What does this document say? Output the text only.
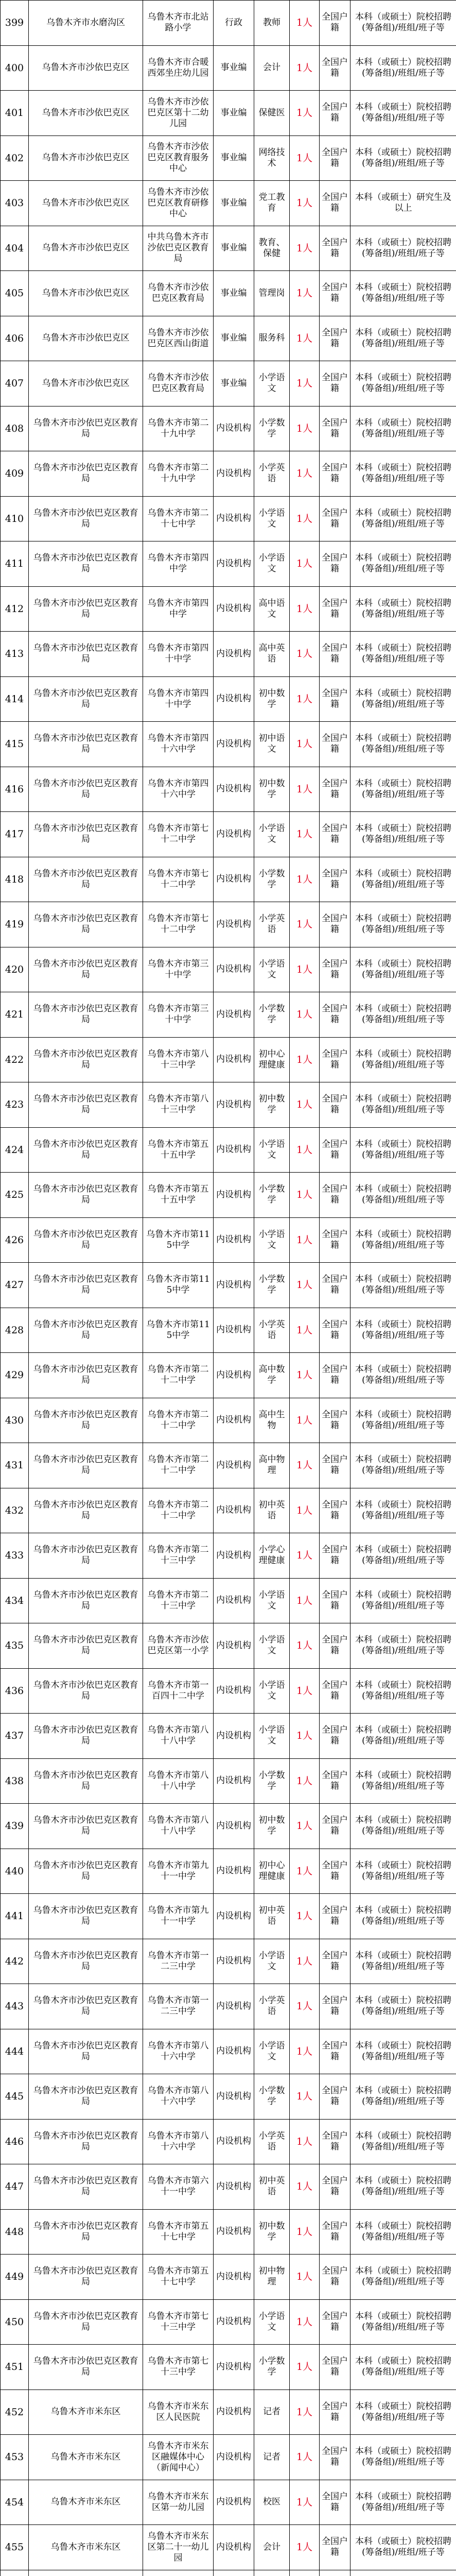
399	乌鲁木齐市水磨沟区	乌鲁木齐市北站路小学	行政	教师	1人	全国户籍	本科（或硕士）院校招聘(筹备组)/班组/班子等
400	乌鲁木齐市沙依巴克区	乌鲁木齐市合暖西郊坐庄幼儿园	事业编	会计	1人	全国户籍	本科（或硕士）院校招聘(筹备组)/班组/班子等
401	乌鲁木齐市沙依巴克区	乌鲁木齐市沙依巴克区第十二幼儿园	事业编	保健医	1人	全国户籍	本科（或硕士）院校招聘(筹备组)/班组/班子等
402	乌鲁木齐市沙依巴克区	乌鲁木齐市沙依巴克区教育服务中心	事业编	网络技术	1人	全国户籍	本科（或硕士）院校招聘(筹备组)/班组/班子等
403	乌鲁木齐市沙依巴克区	乌鲁木齐市沙依巴克区教育研修中心	事业编	党工教育	1人	全国户籍	本科（或硕士）研究生及以上
404	乌鲁木齐市沙依巴克区	中共乌鲁木齐市沙依巴克区教育局	事业编	教育、保健	1人	全国户籍	本科（或硕士）院校招聘(筹备组)/班组/班子等
405	乌鲁木齐市沙依巴克区	乌鲁木齐市沙依巴克区教育局	事业编	管理岗	1人	全国户籍	本科（或硕士）院校招聘(筹备组)/班组/班子等
406	乌鲁木齐市沙依巴克区	乌鲁木齐市沙依巴克区西山街道	事业编	服务科	1人	全国户籍	本科（或硕士）院校招聘(筹备组)/班组/班子等
407	乌鲁木齐市沙依巴克区	乌鲁木齐市沙依巴克区教育局	事业编	小学语文	1人	全国户籍	本科（或硕士）院校招聘(筹备组)/班组/班子等
408	乌鲁木齐市沙依巴克区教育局	乌鲁木齐市第二十九中学	内设机构	小学数学	1人	全国户籍	本科（或硕士）院校招聘(筹备组)/班组/班子等
409	乌鲁木齐市沙依巴克区教育局	乌鲁木齐市第二十九中学	内设机构	小学英语	1人	全国户籍	本科（或硕士）院校招聘(筹备组)/班组/班子等
410	乌鲁木齐市沙依巴克区教育局	乌鲁木齐市第二十七中学	内设机构	小学语文	1人	全国户籍	本科（或硕士）院校招聘(筹备组)/班组/班子等
411	乌鲁木齐市沙依巴克区教育局	乌鲁木齐市第四中学	内设机构	小学语文	1人	全国户籍	本科（或硕士）院校招聘(筹备组)/班组/班子等
412	乌鲁木齐市沙依巴克区教育局	乌鲁木齐市第四中学	内设机构	高中语文	1人	全国户籍	本科（或硕士）院校招聘(筹备组)/班组/班子等
413	乌鲁木齐市沙依巴克区教育局	乌鲁木齐市第四十中学	内设机构	高中英语	1人	全国户籍	本科（或硕士）院校招聘(筹备组)/班组/班子等
414	乌鲁木齐市沙依巴克区教育局	乌鲁木齐市第四十中学	内设机构	初中数学	1人	全国户籍	本科（或硕士）院校招聘(筹备组)/班组/班子等
415	乌鲁木齐市沙依巴克区教育局	乌鲁木齐市第四十六中学	内设机构	初中语文	1人	全国户籍	本科（或硕士）院校招聘(筹备组)/班组/班子等
416	乌鲁木齐市沙依巴克区教育局	乌鲁木齐市第四十六中学	内设机构	初中数学	1人	全国户籍	本科（或硕士）院校招聘(筹备组)/班组/班子等
417	乌鲁木齐市沙依巴克区教育局	乌鲁木齐市第七十二中学	内设机构	小学语文	1人	全国户籍	本科（或硕士）院校招聘(筹备组)/班组/班子等
418	乌鲁木齐市沙依巴克区教育局	乌鲁木齐市第七十二中学	内设机构	小学数学	1人	全国户籍	本科（或硕士）院校招聘(筹备组)/班组/班子等
419	乌鲁木齐市沙依巴克区教育局	乌鲁木齐市第七十二中学	内设机构	小学英语	1人	全国户籍	本科（或硕士）院校招聘(筹备组)/班组/班子等
420	乌鲁木齐市沙依巴克区教育局	乌鲁木齐市第三十中学	内设机构	小学语文	1人	全国户籍	本科（或硕士）院校招聘(筹备组)/班组/班子等
421	乌鲁木齐市沙依巴克区教育局	乌鲁木齐市第三十中学	内设机构	小学数学	1人	全国户籍	本科（或硕士）院校招聘(筹备组)/班组/班子等
422	乌鲁木齐市沙依巴克区教育局	乌鲁木齐市第八十三中学	内设机构	初中心理健康	1人	全国户籍	本科（或硕士）院校招聘(筹备组)/班组/班子等
423	乌鲁木齐市沙依巴克区教育局	乌鲁木齐市第八十三中学	内设机构	初中数学	1人	全国户籍	本科（或硕士）院校招聘(筹备组)/班组/班子等
424	乌鲁木齐市沙依巴克区教育局	乌鲁木齐市第五十五中学	内设机构	小学语文	1人	全国户籍	本科（或硕士）院校招聘(筹备组)/班组/班子等
425	乌鲁木齐市沙依巴克区教育局	乌鲁木齐市第五十五中学	内设机构	小学数学	1人	全国户籍	本科（或硕士）院校招聘(筹备组)/班组/班子等
426	乌鲁木齐市沙依巴克区教育局	乌鲁木齐市第115中学	内设机构	小学语文	1人	全国户籍	本科（或硕士）院校招聘(筹备组)/班组/班子等
427	乌鲁木齐市沙依巴克区教育局	乌鲁木齐市第115中学	内设机构	小学数学	1人	全国户籍	本科（或硕士）院校招聘(筹备组)/班组/班子等
428	乌鲁木齐市沙依巴克区教育局	乌鲁木齐市第115中学	内设机构	小学英语	1人	全国户籍	本科（或硕士）院校招聘(筹备组)/班组/班子等
429	乌鲁木齐市沙依巴克区教育局	乌鲁木齐市第二十二中学	内设机构	高中数学	1人	全国户籍	本科（或硕士）院校招聘(筹备组)/班组/班子等
430	乌鲁木齐市沙依巴克区教育局	乌鲁木齐市第二十二中学	内设机构	高中生物	1人	全国户籍	本科（或硕士）院校招聘(筹备组)/班组/班子等
431	乌鲁木齐市沙依巴克区教育局	乌鲁木齐市第二十二中学	内设机构	高中物理	1人	全国户籍	本科（或硕士）院校招聘(筹备组)/班组/班子等
432	乌鲁木齐市沙依巴克区教育局	乌鲁木齐市第二十二中学	内设机构	初中英语	1人	全国户籍	本科（或硕士）院校招聘(筹备组)/班组/班子等
433	乌鲁木齐市沙依巴克区教育局	乌鲁木齐市第二十三中学	内设机构	小学心理健康	1人	全国户籍	本科（或硕士）院校招聘(筹备组)/班组/班子等
434	乌鲁木齐市沙依巴克区教育局	乌鲁木齐市第二十三中学	内设机构	小学语文	1人	全国户籍	本科（或硕士）院校招聘(筹备组)/班组/班子等
435	乌鲁木齐市沙依巴克区教育局	乌鲁木齐市沙依巴克区第一小学	内设机构	小学语文	1人	全国户籍	本科（或硕士）院校招聘(筹备组)/班组/班子等
436	乌鲁木齐市沙依巴克区教育局	乌鲁木齐市第一百四十二中学	内设机构	小学语文	1人	全国户籍	本科（或硕士）院校招聘(筹备组)/班组/班子等
437	乌鲁木齐市沙依巴克区教育局	乌鲁木齐市第八十八中学	内设机构	小学语文	1人	全国户籍	本科（或硕士）院校招聘(筹备组)/班组/班子等
438	乌鲁木齐市沙依巴克区教育局	乌鲁木齐市第八十八中学	内设机构	小学数学	1人	全国户籍	本科（或硕士）院校招聘(筹备组)/班组/班子等
439	乌鲁木齐市沙依巴克区教育局	乌鲁木齐市第八十八中学	内设机构	初中数学	1人	全国户籍	本科（或硕士）院校招聘(筹备组)/班组/班子等
440	乌鲁木齐市沙依巴克区教育局	乌鲁木齐市第九十一中学	内设机构	初中心理健康	1人	全国户籍	本科（或硕士）院校招聘(筹备组)/班组/班子等
441	乌鲁木齐市沙依巴克区教育局	乌鲁木齐市第九十一中学	内设机构	初中英语	1人	全国户籍	本科（或硕士）院校招聘(筹备组)/班组/班子等
442	乌鲁木齐市沙依巴克区教育局	乌鲁木齐市第一二三中学	内设机构	小学语文	1人	全国户籍	本科（或硕士）院校招聘(筹备组)/班组/班子等
443	乌鲁木齐市沙依巴克区教育局	乌鲁木齐市第一二三中学	内设机构	小学英语	1人	全国户籍	本科（或硕士）院校招聘(筹备组)/班组/班子等
444	乌鲁木齐市沙依巴克区教育局	乌鲁木齐市第八十六中学	内设机构	小学语文	1人	全国户籍	本科（或硕士）院校招聘(筹备组)/班组/班子等
445	乌鲁木齐市沙依巴克区教育局	乌鲁木齐市第八十六中学	内设机构	小学数学	1人	全国户籍	本科（或硕士）院校招聘(筹备组)/班组/班子等
446	乌鲁木齐市沙依巴克区教育局	乌鲁木齐市第八十六中学	内设机构	小学英语	1人	全国户籍	本科（或硕士）院校招聘(筹备组)/班组/班子等
447	乌鲁木齐市沙依巴克区教育局	乌鲁木齐市第六十一中学	内设机构	初中英语	1人	全国户籍	本科（或硕士）院校招聘(筹备组)/班组/班子等
448	乌鲁木齐市沙依巴克区教育局	乌鲁木齐市第五十七中学	内设机构	初中数学	1人	全国户籍	本科（或硕士）院校招聘(筹备组)/班组/班子等
449	乌鲁木齐市沙依巴克区教育局	乌鲁木齐市第五十七中学	内设机构	初中物理	1人	全国户籍	本科（或硕士）院校招聘(筹备组)/班组/班子等
450	乌鲁木齐市沙依巴克区教育局	乌鲁木齐市第七十三中学	内设机构	小学语文	1人	全国户籍	本科（或硕士）院校招聘(筹备组)/班组/班子等
451	乌鲁木齐市沙依巴克区教育局	乌鲁木齐市第七十三中学	内设机构	小学数学	1人	全国户籍	本科（或硕士）院校招聘(筹备组)/班组/班子等
452	乌鲁木齐市米东区	乌鲁木齐市米东区人民医院	内设机构	记者	1人	全国户籍	本科（或硕士）院校招聘(筹备组)/班组/班子等
453	乌鲁木齐市米东区	乌鲁木齐市米东区融媒体中心（新闻中心）	内设机构	记者	1人	全国户籍	本科（或硕士）院校招聘(筹备组)/班组/班子等
454	乌鲁木齐市米东区	乌鲁木齐市米东区第一幼儿园	内设机构	校医	1人	全国户籍	本科（或硕士）院校招聘(筹备组)/班组/班子等
455	乌鲁木齐市米东区	乌鲁木齐市米东区第二十一幼儿园	内设机构	会计	1人	全国户籍	本科（或硕士）院校招聘(筹备组)/班组/班子等
